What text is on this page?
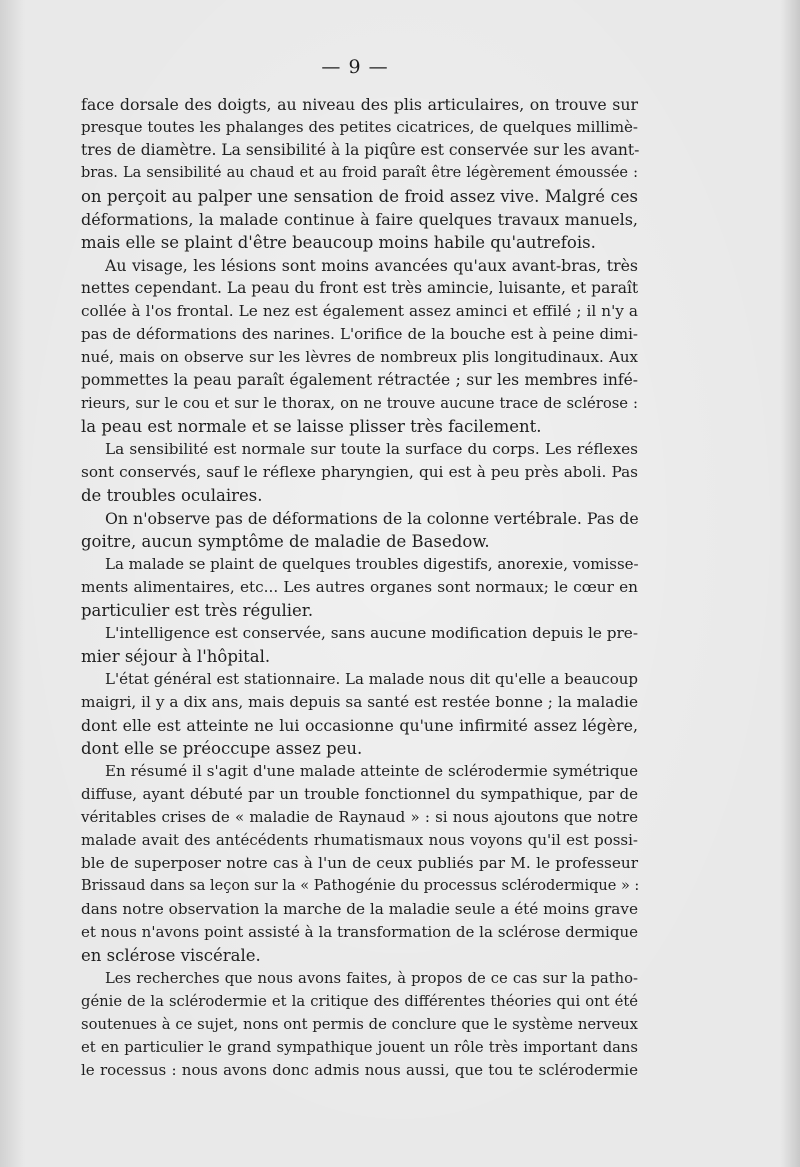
— 9 —
face dorsale des doigts, au niveau des plis articulaires, on trouve sur
presque toutes les phalanges des petites cicatrices, de quelques millimè-
tres de diamètre. La sensibilité à la piqûre est conservée sur les avant-
bras. La sensibilité au chaud et au froid paraît être légèrement émoussée :
on perçoit au palper une sensation de froid assez vive. Malgré ces
déformations, la malade continue à faire quelques travaux manuels,
mais elle se plaint d'être beaucoup moins habile qu'autrefois.
Au visage, les lésions sont moins avancées qu'aux avant-bras, très
nettes cependant. La peau du front est très amincie, luisante, et paraît
collée à l'os frontal. Le nez est également assez aminci et effilé ; il n'y a
pas de déformations des narines. L'orifice de la bouche est à peine dimi-
nué, mais on observe sur les lèvres de nombreux plis longitudinaux. Aux
pommettes la peau paraît également rétractée ; sur les membres infé-
rieurs, sur le cou et sur le thorax, on ne trouve aucune trace de sclérose :
la peau est normale et se laisse plisser très facilement.
La sensibilité est normale sur toute la surface du corps. Les réflexes
sont conservés, sauf le réflexe pharyngien, qui est à peu près aboli. Pas
de troubles oculaires.
On n'observe pas de déformations de la colonne vertébrale. Pas de
goitre, aucun symptôme de maladie de Basedow.
La malade se plaint de quelques troubles digestifs, anorexie, vomisse-
ments alimentaires, etc... Les autres organes sont normaux; le cœur en
particulier est très régulier.
L'intelligence est conservée, sans aucune modification depuis le pre-
mier séjour à l'hôpital.
L'état général est stationnaire. La malade nous dit qu'elle a beaucoup
maigri, il y a dix ans, mais depuis sa santé est restée bonne ; la maladie
dont elle est atteinte ne lui occasionne qu'une infirmité assez légère,
dont elle se préoccupe assez peu.
En résumé il s'agit d'une malade atteinte de sclérodermie symétrique
diffuse, ayant débuté par un trouble fonctionnel du sympathique, par de
véritables crises de « maladie de Raynaud » : si nous ajoutons que notre
malade avait des antécédents rhumatismaux nous voyons qu'il est possi-
ble de superposer notre cas à l'un de ceux publiés par M. le professeur
Brissaud dans sa leçon sur la « Pathogénie du processus sclérodermique » :
dans notre observation la marche de la maladie seule a été moins grave
et nous n'avons point assisté à la transformation de la sclérose dermique
en sclérose viscérale.
Les recherches que nous avons faites, à propos de ce cas sur la patho-
génie de la sclérodermie et la critique des différentes théories qui ont été
soutenues à ce sujet, nons ont permis de conclure que le système nerveux
et en particulier le grand sympathique jouent un rôle très important dans
le rocessus : nous avons donc admis nous aussi, que tou te sclérodermie
